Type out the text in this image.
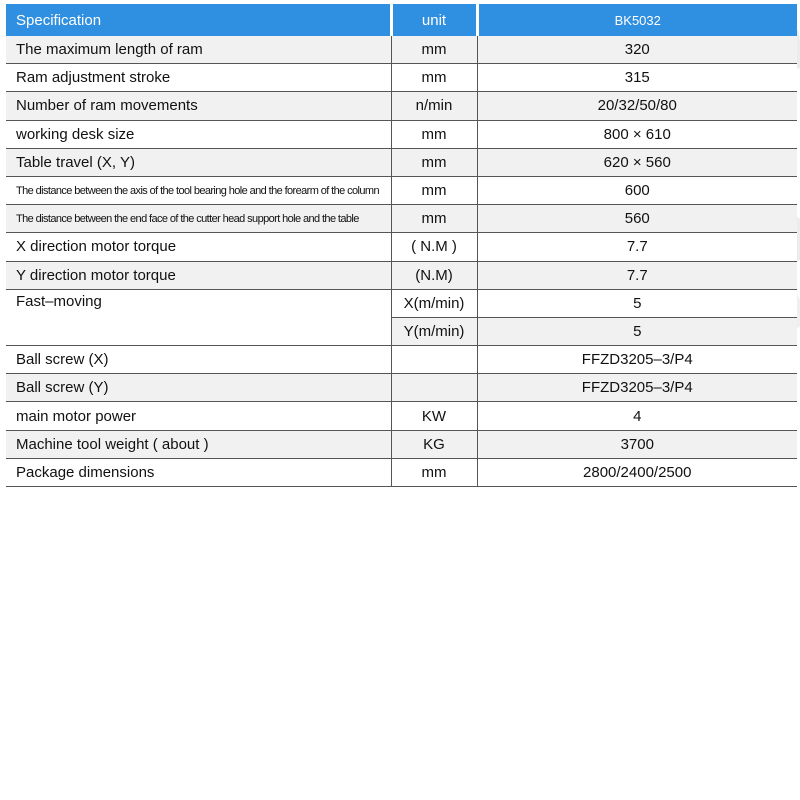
Specification	unit	BK5032
The maximum length of ram	mm	320
Ram adjustment stroke	mm	315
Number of ram movements	n/min	20/32/50/80
working desk size	mm	800 × 610
Table travel (X, Y)	mm	620 × 560
The distance between the axis of the tool bearing hole and the forearm of the column	mm	600
The distance between the end face of the cutter head support hole and the table	mm	560
X direction motor torque	( N.M )	7.7
Y direction motor torque	(N.M)	7.7
Fast–moving	X(m/min)	5
	Y(m/min)	5
Ball screw (X)		FFZD3205–3/P4
Ball screw (Y)		FFZD3205–3/P4
main motor power	KW	4
Machine tool weight ( about )	KG	3700
Package dimensions	mm	2800/2400/2500
